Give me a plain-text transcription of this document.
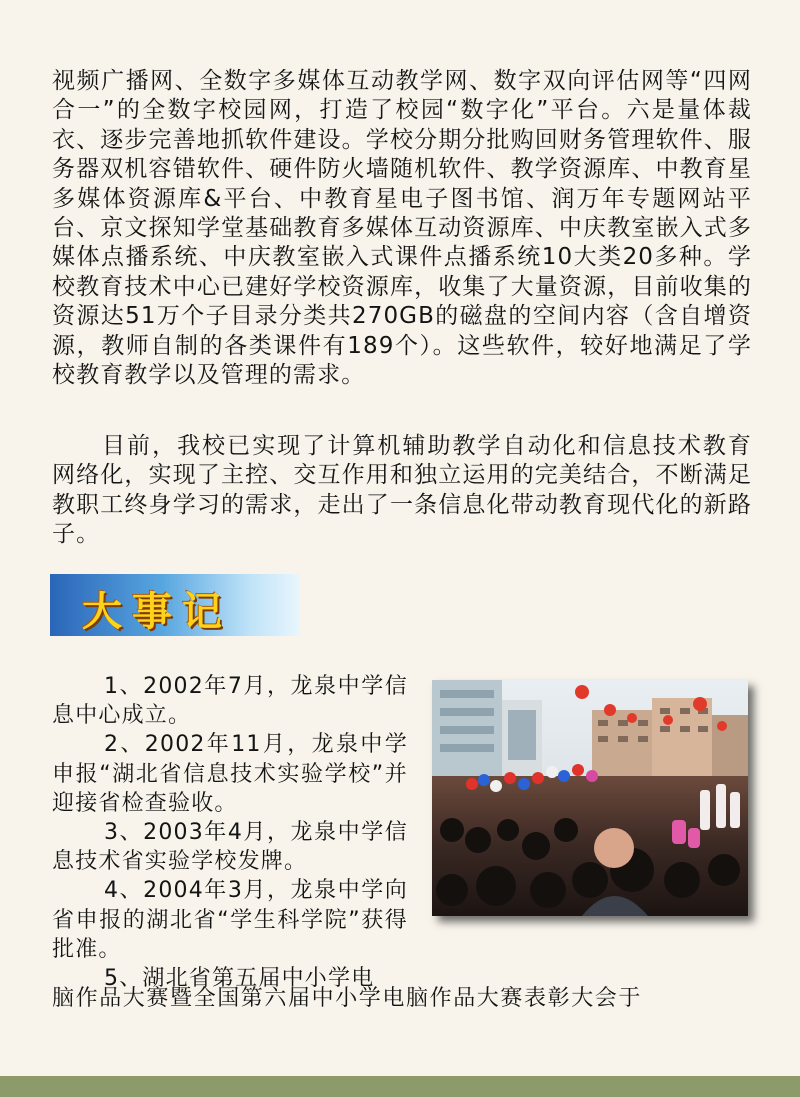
视频广播网、全数字多媒体互动教学网、数字双向评估网等“四网合一”的全数字校园网，打造了校园“数字化”平台。六是量体裁衣、逐步完善地抓软件建设。学校分期分批购回财务管理软件、服务器双机容错软件、硬件防火墙随机软件、教学资源库、中教育星多媒体资源库&平台、中教育星电子图书馆、润万年专题网站平台、京文探知学堂基础教育多媒体互动资源库、中庆教室嵌入式多媒体点播系统、中庆教室嵌入式课件点播系统10大类20多种。学校教育技术中心已建好学校资源库，收集了大量资源，目前收集的资源达51万个子目录分类共270GB的磁盘的空间内容（含自增资源，教师自制的各类课件有189个）。这些软件，较好地满足了学校教育教学以及管理的需求。

目前，我校已实现了计算机辅助教学自动化和信息技术教育网络化，实现了主控、交互作用和独立运用的完美结合，不断满足教职工终身学习的需求，走出了一条信息化带动教育现代化的新路子。

大事记

1、2002年7月，龙泉中学信息中心成立。

2、2002年11月，龙泉中学申报“湖北省信息技术实验学校”并迎接省检查验收。

3、2003年4月，龙泉中学信息技术省实验学校发牌。

4、2004年3月，龙泉中学向省申报的湖北省“学生科学院”获得批准。

5、湖北省第五届中小学电

脑作品大赛暨全国第六届中小学电脑作品大赛表彰大会于
